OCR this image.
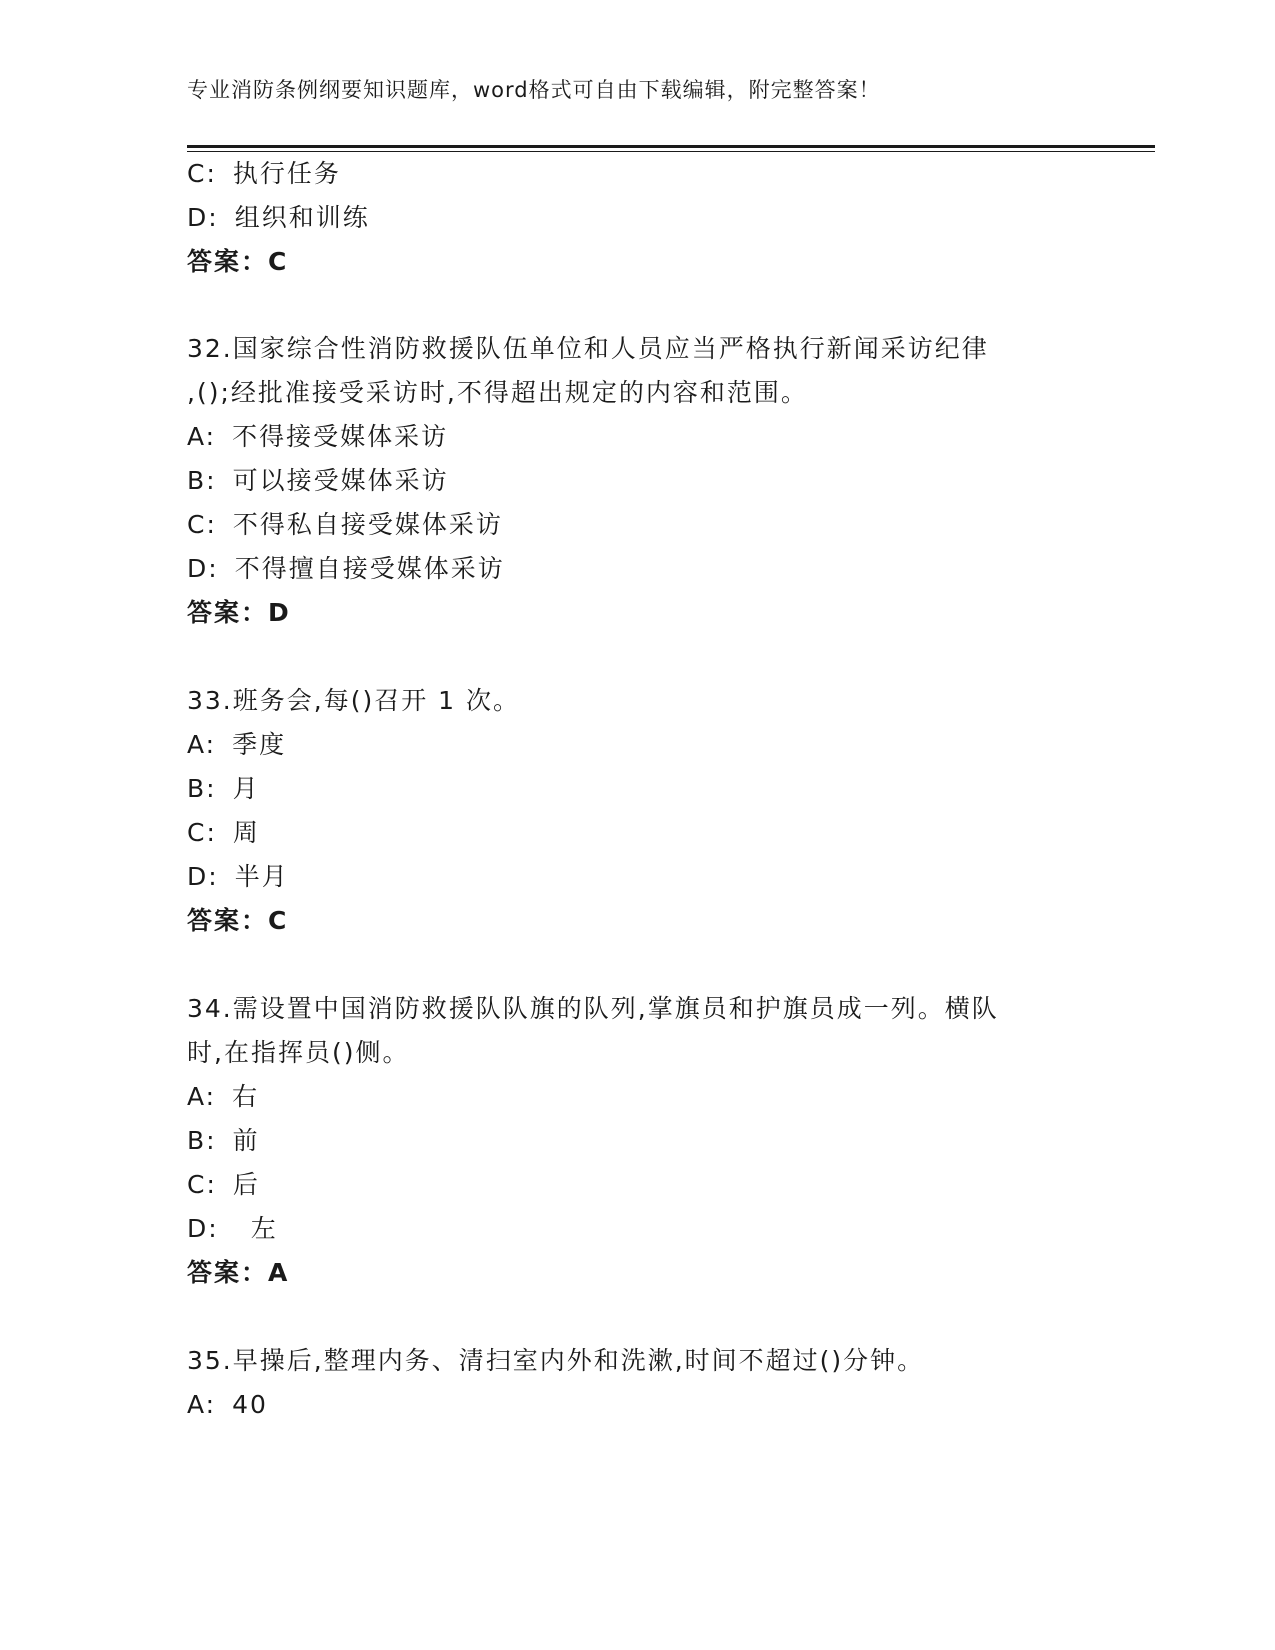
专业消防条例纲要知识题库，word格式可自由下载编辑，附完整答案！
C: 执行任务
D: 组织和训练
答案：C
32.国家综合性消防救援队伍单位和人员应当严格执行新闻采访纪律
,();经批准接受采访时,不得超出规定的内容和范围。
A: 不得接受媒体采访
B: 可以接受媒体采访
C: 不得私自接受媒体采访
D: 不得擅自接受媒体采访
答案：D
33.班务会,每()召开 1 次。
A: 季度
B: 月
C: 周
D: 半月
答案：C
34.需设置中国消防救援队队旗的队列,掌旗员和护旗员成一列。横队
时,在指挥员()侧。
A: 右
B: 前
C: 后
D: 左
答案：A
35.早操后,整理内务、清扫室内外和洗漱,时间不超过()分钟。
A: 40
